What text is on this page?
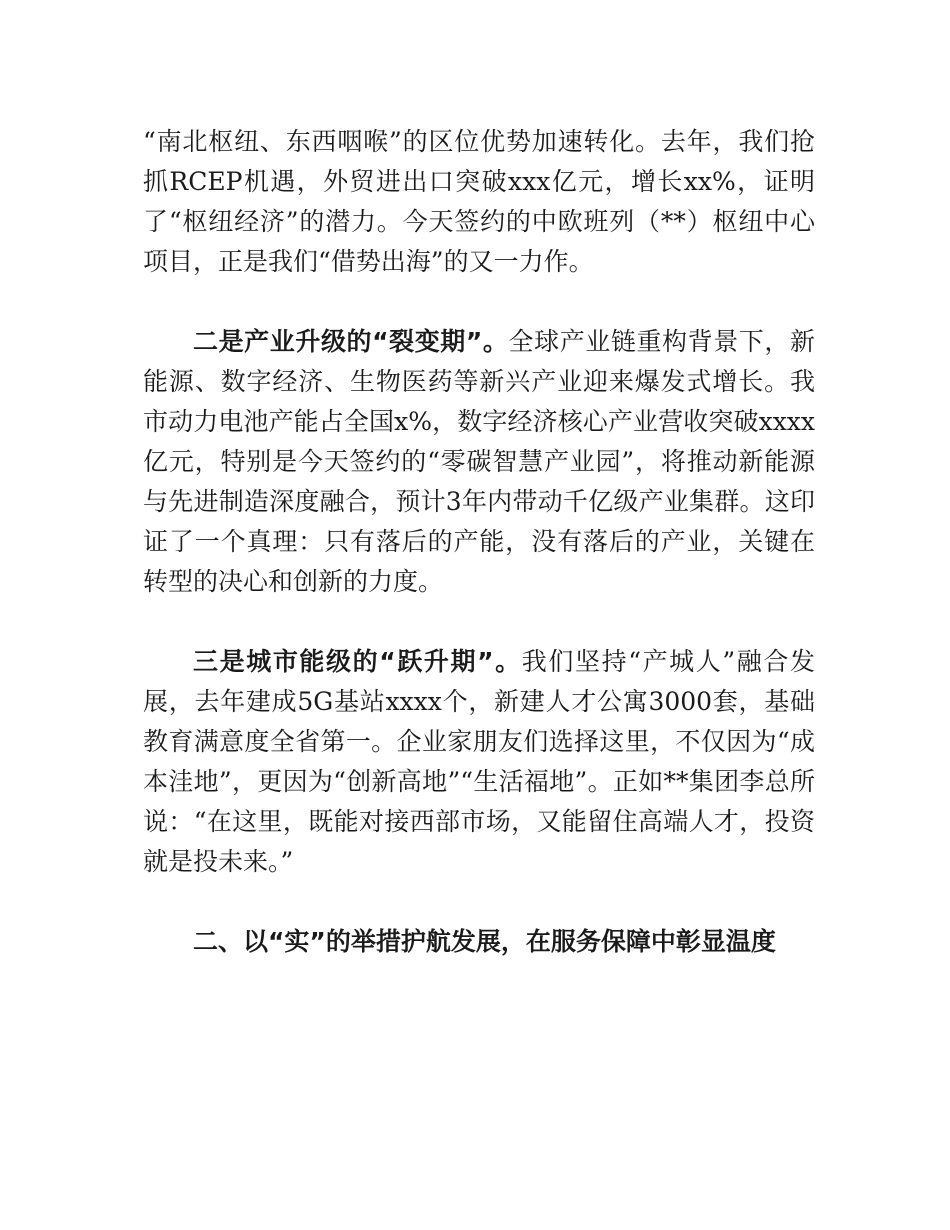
“南北枢纽、东西咽喉”的区位优势加速转化。去年，我们抢抓RCEP机遇，外贸进出口突破xxx亿元，增长xx%，证明了“枢纽经济”的潜力。今天签约的中欧班列（**）枢纽中心项目，正是我们“借势出海”的又一力作。

二是产业升级的“裂变期”。全球产业链重构背景下，新能源、数字经济、生物医药等新兴产业迎来爆发式增长。我市动力电池产能占全国x%，数字经济核心产业营收突破xxxx亿元，特别是今天签约的“零碳智慧产业园”，将推动新能源与先进制造深度融合，预计3年内带动千亿级产业集群。这印证了一个真理：只有落后的产能，没有落后的产业，关键在转型的决心和创新的力度。

三是城市能级的“跃升期”。我们坚持“产城人”融合发展，去年建成5G基站xxxx个，新建人才公寓3000套，基础教育满意度全省第一。企业家朋友们选择这里，不仅因为“成本洼地”，更因为“创新高地”“生活福地”。正如**集团李总所说：“在这里，既能对接西部市场，又能留住高端人才，投资就是投未来。”

二、以“实”的举措护航发展，在服务保障中彰显温度
